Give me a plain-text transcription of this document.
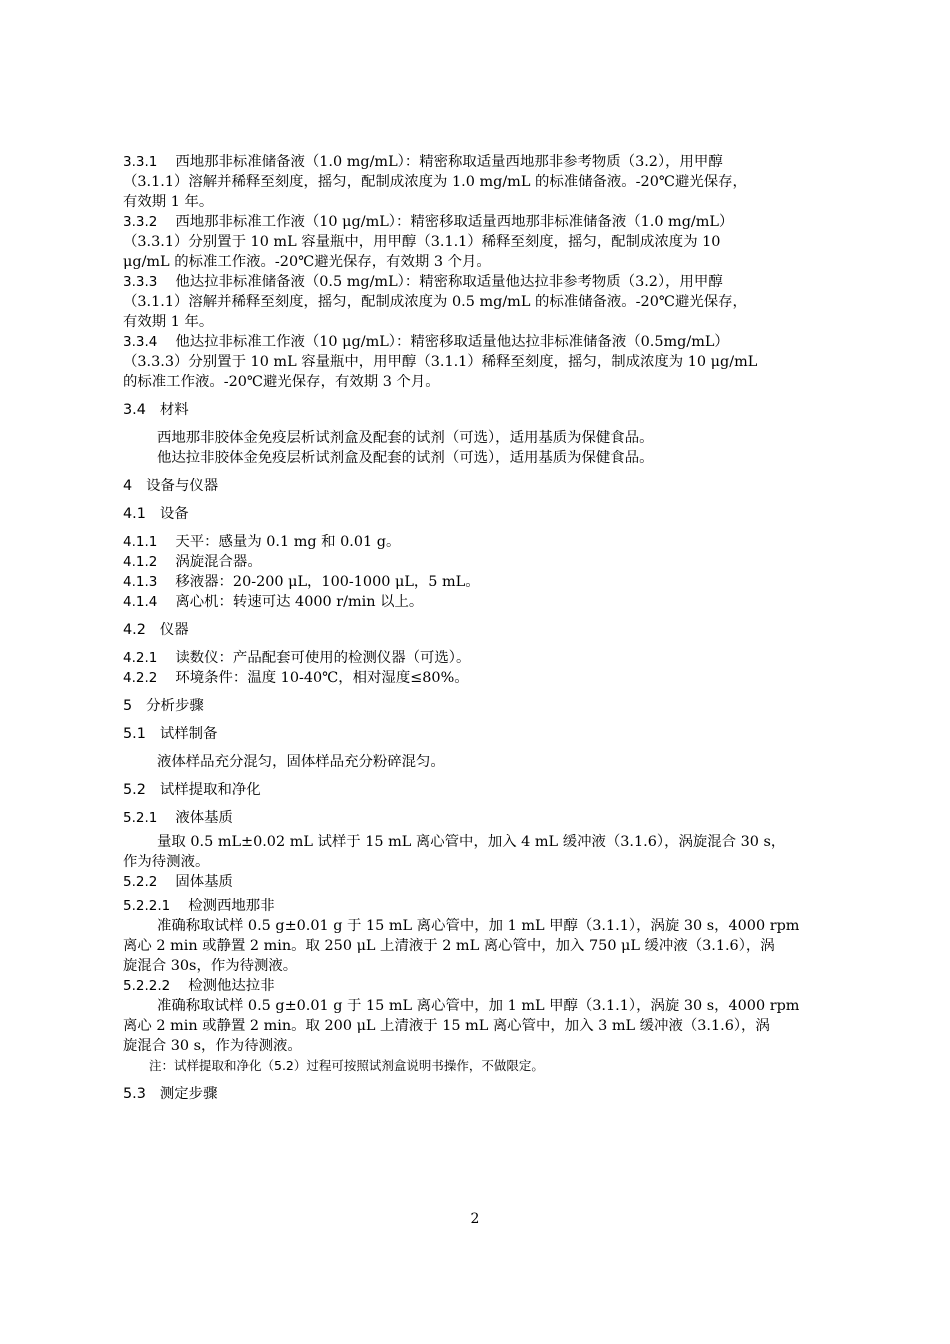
3.3.1 西地那非标准储备液（1.0 mg/mL）：精密称取适量西地那非参考物质（3.2），用甲醇

（3.1.1）溶解并稀释至刻度，摇匀，配制成浓度为 1.0 mg/mL 的标准储备液。-20℃避光保存，

有效期 1 年。

3.3.2 西地那非标准工作液（10 μg/mL）：精密移取适量西地那非标准储备液（1.0 mg/mL）

（3.3.1）分别置于 10 mL 容量瓶中，用甲醇（3.1.1）稀释至刻度，摇匀，配制成浓度为 10

μg/mL 的标准工作液。-20℃避光保存，有效期 3 个月。

3.3.3 他达拉非标准储备液（0.5 mg/mL）：精密称取适量他达拉非参考物质（3.2），用甲醇

（3.1.1）溶解并稀释至刻度，摇匀，配制成浓度为 0.5 mg/mL 的标准储备液。-20℃避光保存，

有效期 1 年。

3.3.4 他达拉非标准工作液（10 μg/mL）：精密移取适量他达拉非标准储备液（0.5mg/mL）

（3.3.3）分别置于 10 mL 容量瓶中，用甲醇（3.1.1）稀释至刻度，摇匀，制成浓度为 10 μg/mL

的标准工作液。-20℃避光保存，有效期 3 个月。

3.4 材料

西地那非胶体金免疫层析试剂盒及配套的试剂（可选），适用基质为保健食品。

他达拉非胶体金免疫层析试剂盒及配套的试剂（可选），适用基质为保健食品。

4 设备与仪器
4.1 设备

4.1.1 天平：感量为 0.1 mg 和 0.01 g。

4.1.2 涡旋混合器。

4.1.3 移液器：20-200 μL，100-1000 μL，5 mL。

4.1.4 离心机：转速可达 4000 r/min 以上。

4.2 仪器

4.2.1 读数仪：产品配套可使用的检测仪器（可选）。

4.2.2 环境条件：温度 10-40℃，相对湿度≤80%。

5 分析步骤
5.1 试样制备

液体样品充分混匀，固体样品充分粉碎混匀。

5.2 试样提取和净化

5.2.1 液体基质

量取 0.5 mL±0.02 mL 试样于 15 mL 离心管中，加入 4 mL 缓冲液（3.1.6），涡旋混合 30 s，

作为待测液。

5.2.2 固体基质

5.2.2.1 检测西地那非

准确称取试样 0.5 g±0.01 g 于 15 mL 离心管中，加 1 mL 甲醇（3.1.1），涡旋 30 s，4000 rpm

离心 2 min 或静置 2 min。取 250 μL 上清液于 2 mL 离心管中，加入 750 μL 缓冲液（3.1.6），涡

旋混合 30s，作为待测液。

5.2.2.2 检测他达拉非

准确称取试样 0.5 g±0.01 g 于 15 mL 离心管中，加 1 mL 甲醇（3.1.1），涡旋 30 s，4000 rpm

离心 2 min 或静置 2 min。取 200 μL 上清液于 15 mL 离心管中，加入 3 mL 缓冲液（3.1.6），涡

旋混合 30 s，作为待测液。

注：试样提取和净化（5.2）过程可按照试剂盒说明书操作，不做限定。

5.3 测定步骤
2
